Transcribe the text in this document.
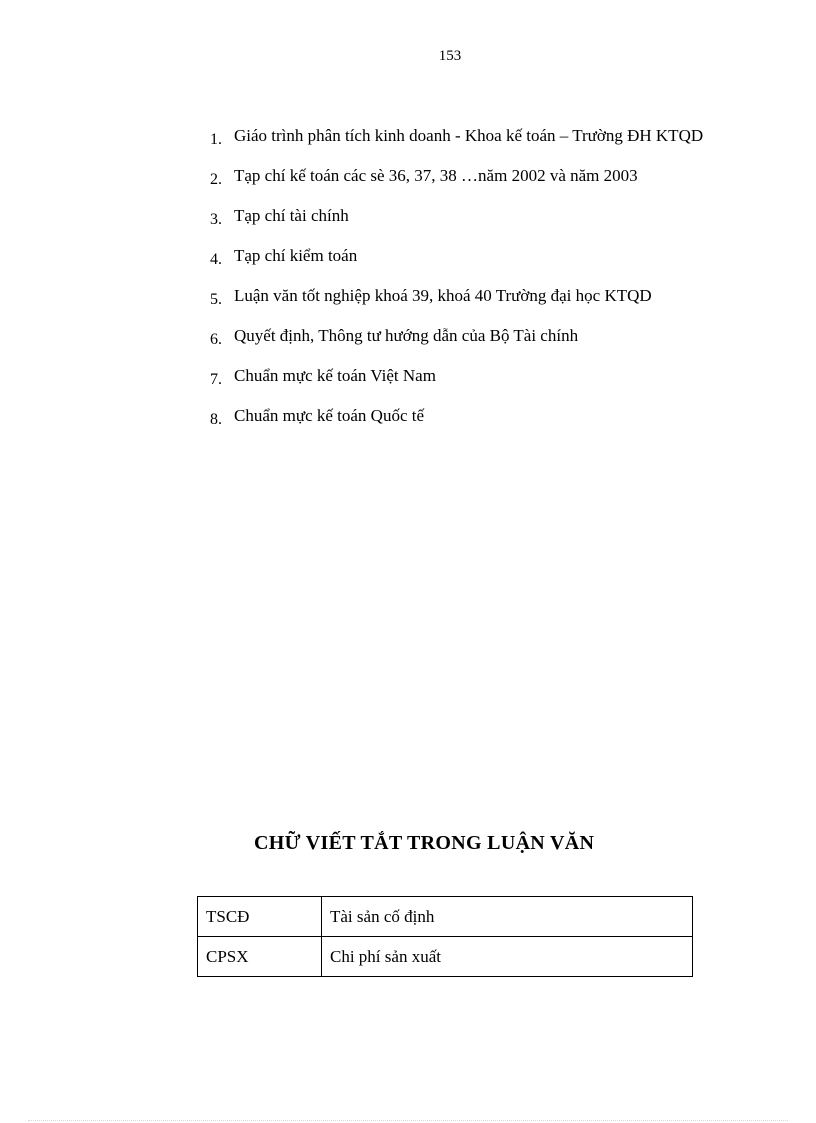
153
1. Giáo trình phân tích kinh doanh - Khoa kế toán – Trường ĐH KTQD
2. Tạp chí kế toán các sè 36, 37, 38 …năm 2002 và năm 2003
3. Tạp chí tài chính
4. Tạp chí kiểm toán
5. Luận văn tốt nghiệp khoá 39, khoá 40 Trường đại học KTQD
6. Quyết định, Thông tư hướng dẫn của Bộ Tài chính
7. Chuẩn mực kế toán Việt Nam
8. Chuẩn mực kế toán Quốc tế
CHỮ VIẾT TẮT TRONG LUẬN VĂN
TSCĐ	Tài sản cố định
CPSX	Chi phí sản xuất
